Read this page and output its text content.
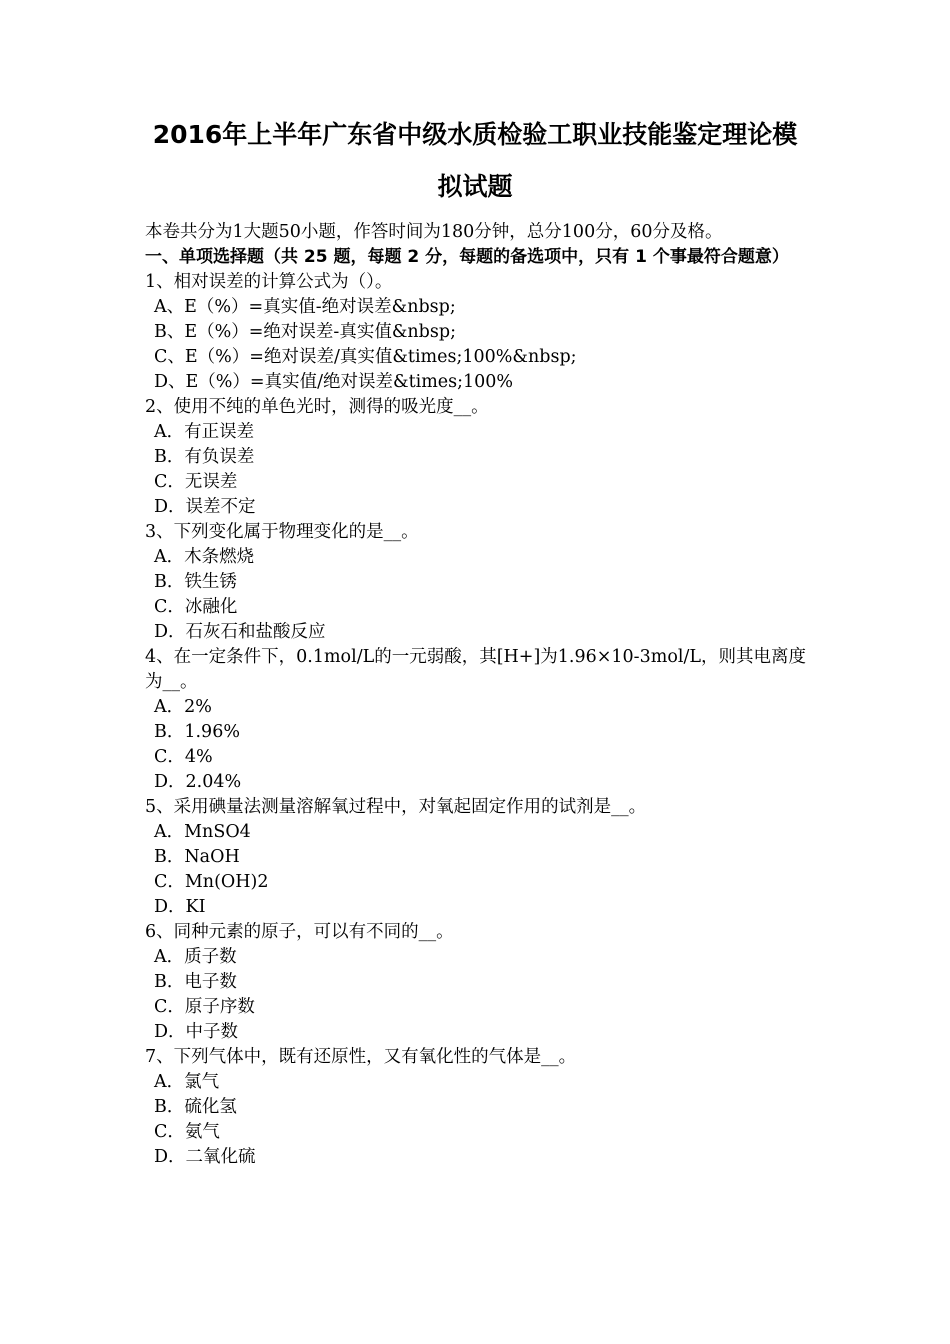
2016年上半年广东省中级水质检验工职业技能鉴定理论模
拟试题
本卷共分为1大题50小题，作答时间为180分钟，总分100分，60分及格。
一、单项选择题（共 25 题，每题 2 分，每题的备选项中，只有 1 个事最符合题意）
1、相对误差的计算公式为（）。
A、E（%）=真实值-绝对误差&nbsp;
B、E（%）=绝对误差-真实值&nbsp;
C、E（%）=绝对误差/真实值&times;100%&nbsp;
D、E（%）=真实值/绝对误差&times;100%
2、使用不纯的单色光时，测得的吸光度__。
A．有正误差
B．有负误差
C．无误差
D．误差不定
3、下列变化属于物理变化的是__。
A．木条燃烧
B．铁生锈
C．冰融化
D．石灰石和盐酸反应
4、在一定条件下，0.1mol/L的一元弱酸，其[H+]为1.96×10-3mol/L，则其电离度为__。
A．2%
B．1.96%
C．4%
D．2.04%
5、采用碘量法测量溶解氧过程中，对氧起固定作用的试剂是__。
A．MnSO4
B．NaOH
C．Mn(OH)2
D．KI
6、同种元素的原子，可以有不同的__。
A．质子数
B．电子数
C．原子序数
D．中子数
7、下列气体中，既有还原性，又有氧化性的气体是__。
A．氯气
B．硫化氢
C．氨气
D．二氧化硫
